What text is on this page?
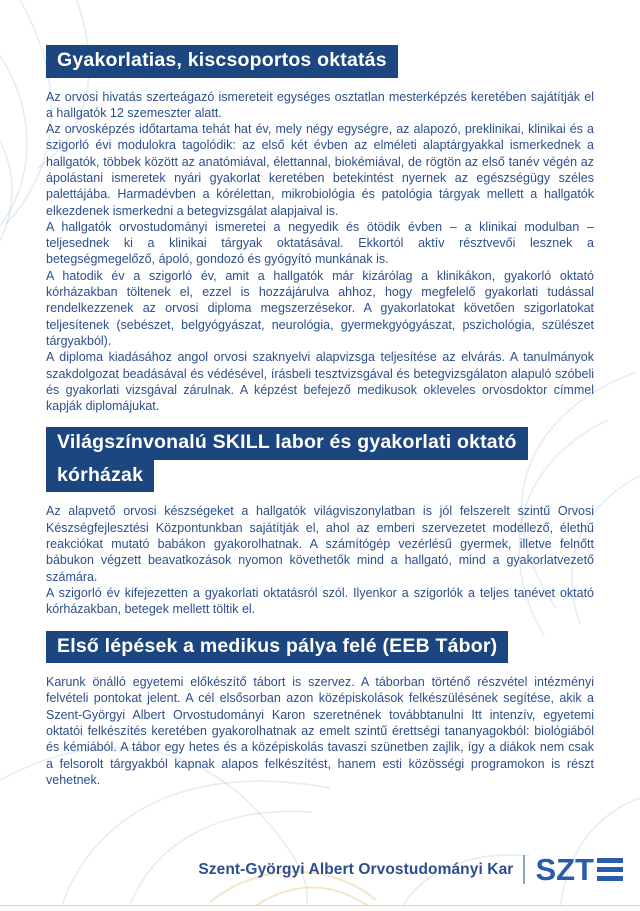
Gyakorlatias, kiscsoportos oktatás

Az orvosi hivatás szerteágazó ismereteit egységes osztatlan mesterképzés keretében sajátítják el a hallgatók 12 szemeszter alatt.

Az orvosképzés időtartama tehát hat év, mely négy egységre, az alapozó, preklinikai, klinikai és a szigorló évi modulokra tagolódik: az első két évben az elméleti alaptárgyakkal ismerkednek a hallgatók, többek között az anatómiával, élettannal, biokémiával, de rögtön az első tanév végén az ápolástani ismeretek nyári gyakorlat keretében betekintést nyernek az egészségügy széles palettájába. Harmadévben a kórélettan, mikrobiológia és patológia tárgyak mellett a hallgatók elkezdenek ismerkedni a betegvizsgálat alapjaival is.

A hallgatók orvostudományi ismeretei a negyedik és ötödik évben – a klinikai modulban – teljesednek ki a klinikai tárgyak oktatásával. Ekkortól aktív résztvevői lesznek a betegségmegelőző, ápoló, gondozó és gyógyító munkának is.

A hatodik év a szigorló év, amit a hallgatók már kizárólag a klinikákon, gyakorló oktató kórházakban töltenek el, ezzel is hozzájárulva ahhoz, hogy megfelelő gyakorlati tudással rendelkezzenek az orvosi diploma megszerzésekor. A gyakorlatokat követően szigorlatokat teljesítenek (sebészet, belgyógyászat, neurológia, gyermekgyógyászat, pszichológia, szülészet tárgyakból).

A diploma kiadásához angol orvosi szaknyelvi alapvizsga teljesítése az elvárás. A tanulmányok szakdolgozat beadásával és védésével, írásbeli tesztvizsgával és betegvizsgálaton alapuló szóbeli és gyakorlati vizsgával zárulnak. A képzést befejező medikusok okleveles orvosdoktor címmel kapják diplomájukat.

Világszínvonalú SKILL labor és gyakorlati oktató
kórházak

Az alapvető orvosi készségeket a hallgatók világviszonylatban is jól felszerelt szintű Orvosi Készségfejlesztési Központunkban sajátítják el, ahol az emberi szervezetet modellező, élethű reakciókat mutató babákon gyakorolhatnak. A számítógép vezérlésű gyermek, illetve felnőtt bábukon végzett beavatkozások nyomon követhetők mind a hallgató, mind a gyakorlatvezető számára.

A szigorló év kifejezetten a gyakorlati oktatásról szól. Ilyenkor a szigorlók a teljes tanévet oktató kórházakban, betegek mellett töltik el.

Első lépések a medikus pálya felé (EEB Tábor)

Karunk önálló egyetemi előkészítő tábort is szervez. A táborban történő részvétel intézményi felvételi pontokat jelent. A cél elsősorban azon középiskolások felkészülésének segítése, akik a Szent-Györgyi Albert Orvostudományi Karon szeretnének továbbtanulni Itt intenzív, egyetemi oktatói felkészítés keretében gyakorolhatnak az emelt szintű érettségi tananyagokból: biológiából és kémiából. A tábor egy hetes és a középiskolás tavaszi szünetben zajlik, így a diákok nem csak a felsorolt tárgyakból kapnak alapos felkészítést, hanem esti közösségi programokon is részt vehetnek.

Szent-Györgyi Albert Orvostudományi Kar SZT
